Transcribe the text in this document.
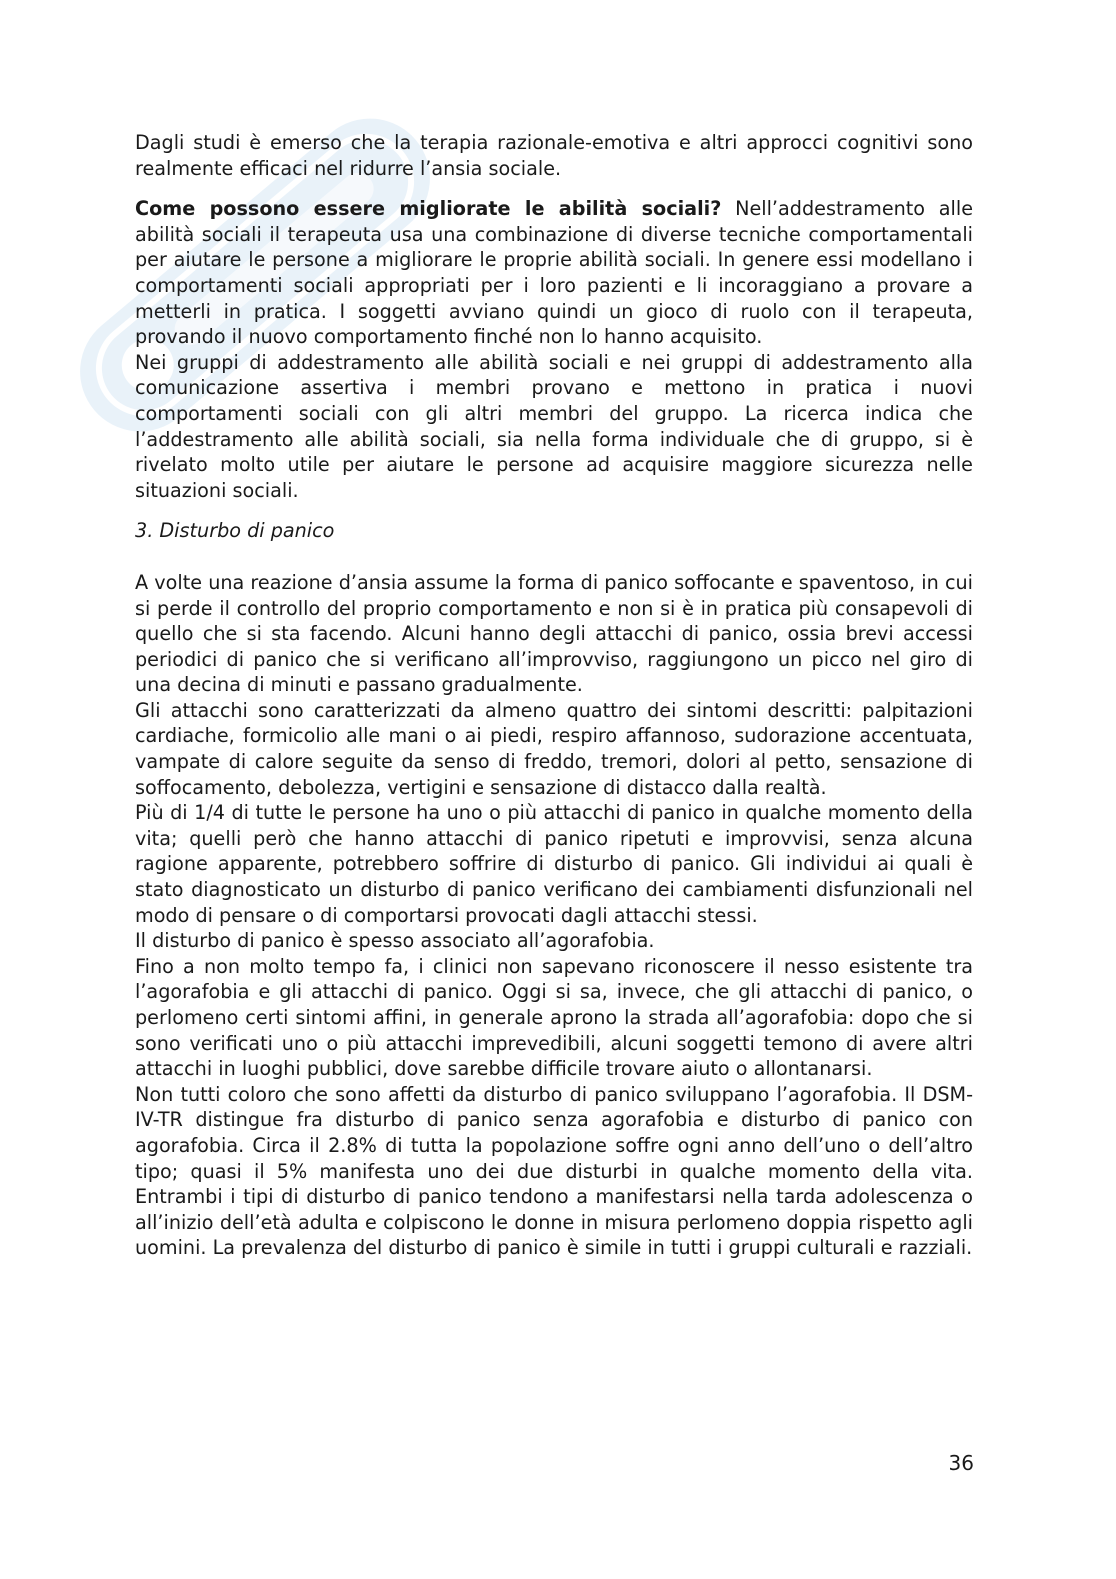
Dagli studi è emerso che la terapia razionale-emotiva e altri approcci cognitivi sono realmente efficaci nel ridurre l’ansia sociale.

Come possono essere migliorate le abilità sociali? Nell’addestramento alle abilità sociali il terapeuta usa una combinazione di diverse tecniche comportamentali per aiutare le persone a migliorare le proprie abilità sociali. In genere essi modellano i comportamenti sociali appropriati per i loro pazienti e li incoraggiano a provare a metterli in pratica. I soggetti avviano quindi un gioco di ruolo con il terapeuta, provando il nuovo comportamento finché non lo hanno acquisito.

Nei gruppi di addestramento alle abilità sociali e nei gruppi di addestramento alla comunicazione assertiva i membri provano e mettono in pratica i nuovi comportamenti sociali con gli altri membri del gruppo. La ricerca indica che l’addestramento alle abilità sociali, sia nella forma individuale che di gruppo, si è rivelato molto utile per aiutare le persone ad acquisire maggiore sicurezza nelle situazioni sociali.

3. Disturbo di panico

A volte una reazione d’ansia assume la forma di panico soffocante e spaventoso, in cui si perde il controllo del proprio comportamento e non si è in pratica più consapevoli di quello che si sta facendo. Alcuni hanno degli attacchi di panico, ossia brevi accessi periodici di panico che si verificano all’improvviso, raggiungono un picco nel giro di una decina di minuti e passano gradualmente.

Gli attacchi sono caratterizzati da almeno quattro dei sintomi descritti: palpitazioni cardiache, formicolio alle mani o ai piedi, respiro affannoso, sudorazione accentuata, vampate di calore seguite da senso di freddo, tremori, dolori al petto, sensazione di soffocamento, debolezza, vertigini e sensazione di distacco dalla realtà.

Più di 1/4 di tutte le persone ha uno o più attacchi di panico in qualche momento della vita; quelli però che hanno attacchi di panico ripetuti e improvvisi, senza alcuna ragione apparente, potrebbero soffrire di disturbo di panico. Gli individui ai quali è stato diagnosticato un disturbo di panico verificano dei cambiamenti disfunzionali nel modo di pensare o di comportarsi provocati dagli attacchi stessi.

Il disturbo di panico è spesso associato all’agorafobia.

Fino a non molto tempo fa, i clinici non sapevano riconoscere il nesso esistente tra l’agorafobia e gli attacchi di panico. Oggi si sa, invece, che gli attacchi di panico, o perlomeno certi sintomi affini, in generale aprono la strada all’agorafobia: dopo che si sono verificati uno o più attacchi imprevedibili, alcuni soggetti temono di avere altri attacchi in luoghi pubblici, dove sarebbe difficile trovare aiuto o allontanarsi.

Non tutti coloro che sono affetti da disturbo di panico sviluppano l’agorafobia. Il DSM-IV-TR distingue fra disturbo di panico senza agorafobia e disturbo di panico con agorafobia. Circa il 2.8% di tutta la popolazione soffre ogni anno dell’uno o dell’altro tipo; quasi il 5% manifesta uno dei due disturbi in qualche momento della vita. Entrambi i tipi di disturbo di panico tendono a manifestarsi nella tarda adolescenza o all’inizio dell’età adulta e colpiscono le donne in misura perlomeno doppia rispetto agli uomini. La prevalenza del disturbo di panico è simile in tutti i gruppi culturali e razziali.

36
